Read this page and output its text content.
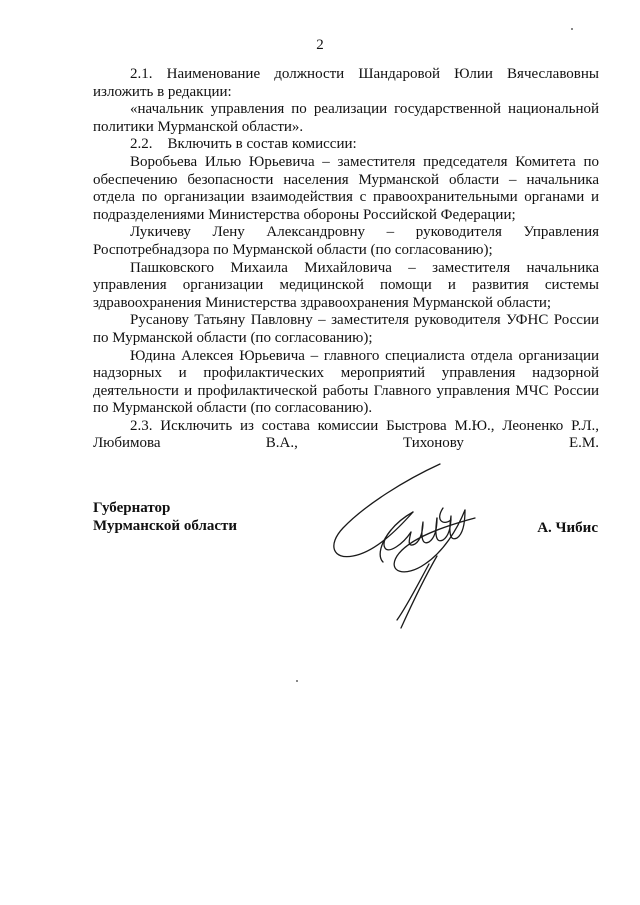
2

2.1. Наименование должности Шандаровой Юлии Вячеславовны изложить в редакции:

«начальник управления по реализации государственной национальной политики Мурманской области».

2.2.    Включить в состав комиссии:

Воробьева Илью Юрьевича – заместителя председателя Комитета по обеспечению безопасности населения Мурманской области – начальника отдела по организации взаимодействия с правоохранительными органами и подразделениями Министерства обороны Российской Федерации;

Лукичеву Лену Александровну – руководителя Управления Роспотребнадзора по Мурманской области (по согласованию);

Пашковского Михаила Михайловича – заместителя начальника управления организации медицинской помощи и развития системы здравоохранения Министерства здравоохранения Мурманской области;

Русанову Татьяну Павловну – заместителя руководителя УФНС России по Мурманской области (по согласованию);

Юдина Алексея Юрьевича – главного специалиста отдела организации надзорных и профилактических мероприятий управления надзорной деятельности и профилактической работы Главного управления МЧС России по Мурманской области (по согласованию).

2.3. Исключить из состава комиссии Быстрова М.Ю., Леоненко Р.Л., Любимова В.А., Тихонову Е.М.

Губернатор
Мурманской области	А. Чибис
